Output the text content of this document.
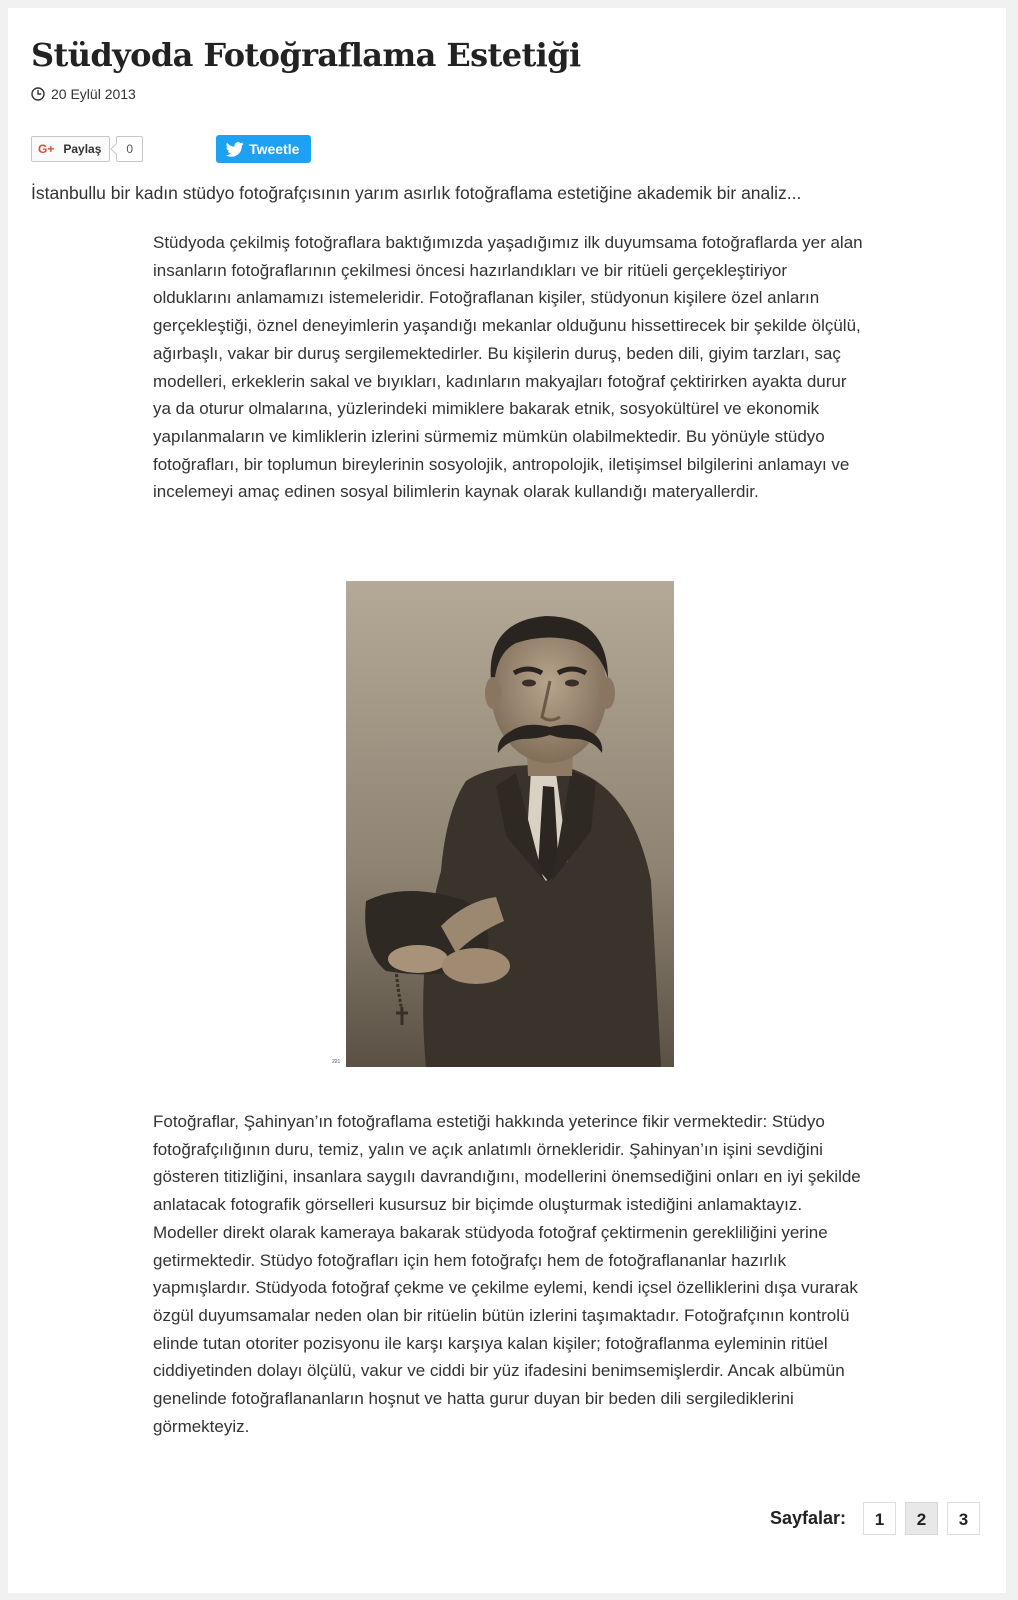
Stüdyoda Fotoğraflama Estetiği
20 Eylül 2013
G+ Paylaş	0	Tweetle

İstanbullu bir kadın stüdyo fotoğrafçısının yarım asırlık fotoğraflama estetiğine akademik bir analiz...

Stüdyoda çekilmiş fotoğraflara baktığımızda yaşadığımız ilk duyumsama fotoğraflarda yer alan insanların fotoğraflarının çekilmesi öncesi hazırlandıkları ve bir ritüeli gerçekleştiriyor olduklarını anlamamızı istemeleridir. Fotoğraflanan kişiler, stüdyonun kişilere özel anların gerçekleştiği, öznel deneyimlerin yaşandığı mekanlar olduğunu hissettirecek bir şekilde ölçülü, ağırbaşlı, vakar bir duruş sergilemektedirler. Bu kişilerin duruş, beden dili, giyim tarzları, saç modelleri, erkeklerin sakal ve bıyıkları, kadınların makyajları fotoğraf çektirirken ayakta durur ya da oturur olmalarına, yüzlerindeki mimiklere bakarak etnik, sosyokültürel ve ekonomik yapılanmaların ve kimliklerin izlerini sürmemiz mümkün olabilmektedir. Bu yönüyle stüdyo fotoğrafları, bir toplumun bireylerinin sosyolojik, antropolojik, iletişimsel bilgilerini anlamayı ve incelemeyi amaç edinen sosyal bilimlerin kaynak olarak kullandığı materyallerdir.

221

Fotoğraflar, Şahinyan’ın fotoğraflama estetiği hakkında yeterince fikir vermektedir: Stüdyo fotoğrafçılığının duru, temiz, yalın ve açık anlatımlı örnekleridir. Şahinyan’ın işini sevdiğini gösteren titizliğini, insanlara saygılı davrandığını, modellerini önemsediğini onları en iyi şekilde anlatacak fotografik görselleri kusursuz bir biçimde oluşturmak istediğini anlamaktayız. Modeller direkt olarak kameraya bakarak stüdyoda fotoğraf çektirmenin gerekliliğini yerine getirmektedir. Stüdyo fotoğrafları için hem fotoğrafçı hem de fotoğraflananlar hazırlık yapmışlardır. Stüdyoda fotoğraf çekme ve çekilme eylemi, kendi içsel özelliklerini dışa vurarak özgül duyumsamalar neden olan bir ritüelin bütün izlerini taşımaktadır. Fotoğrafçının kontrolü elinde tutan otoriter pozisyonu ile karşı karşıya kalan kişiler; fotoğraflanma eyleminin ritüel ciddiyetinden dolayı ölçülü, vakur ve ciddi bir yüz ifadesini benimsemişlerdir. Ancak albümün genelinde fotoğraflananların hoşnut ve hatta gurur duyan bir beden dili sergilediklerini görmekteyiz.

Sayfalar:	1	2	3
